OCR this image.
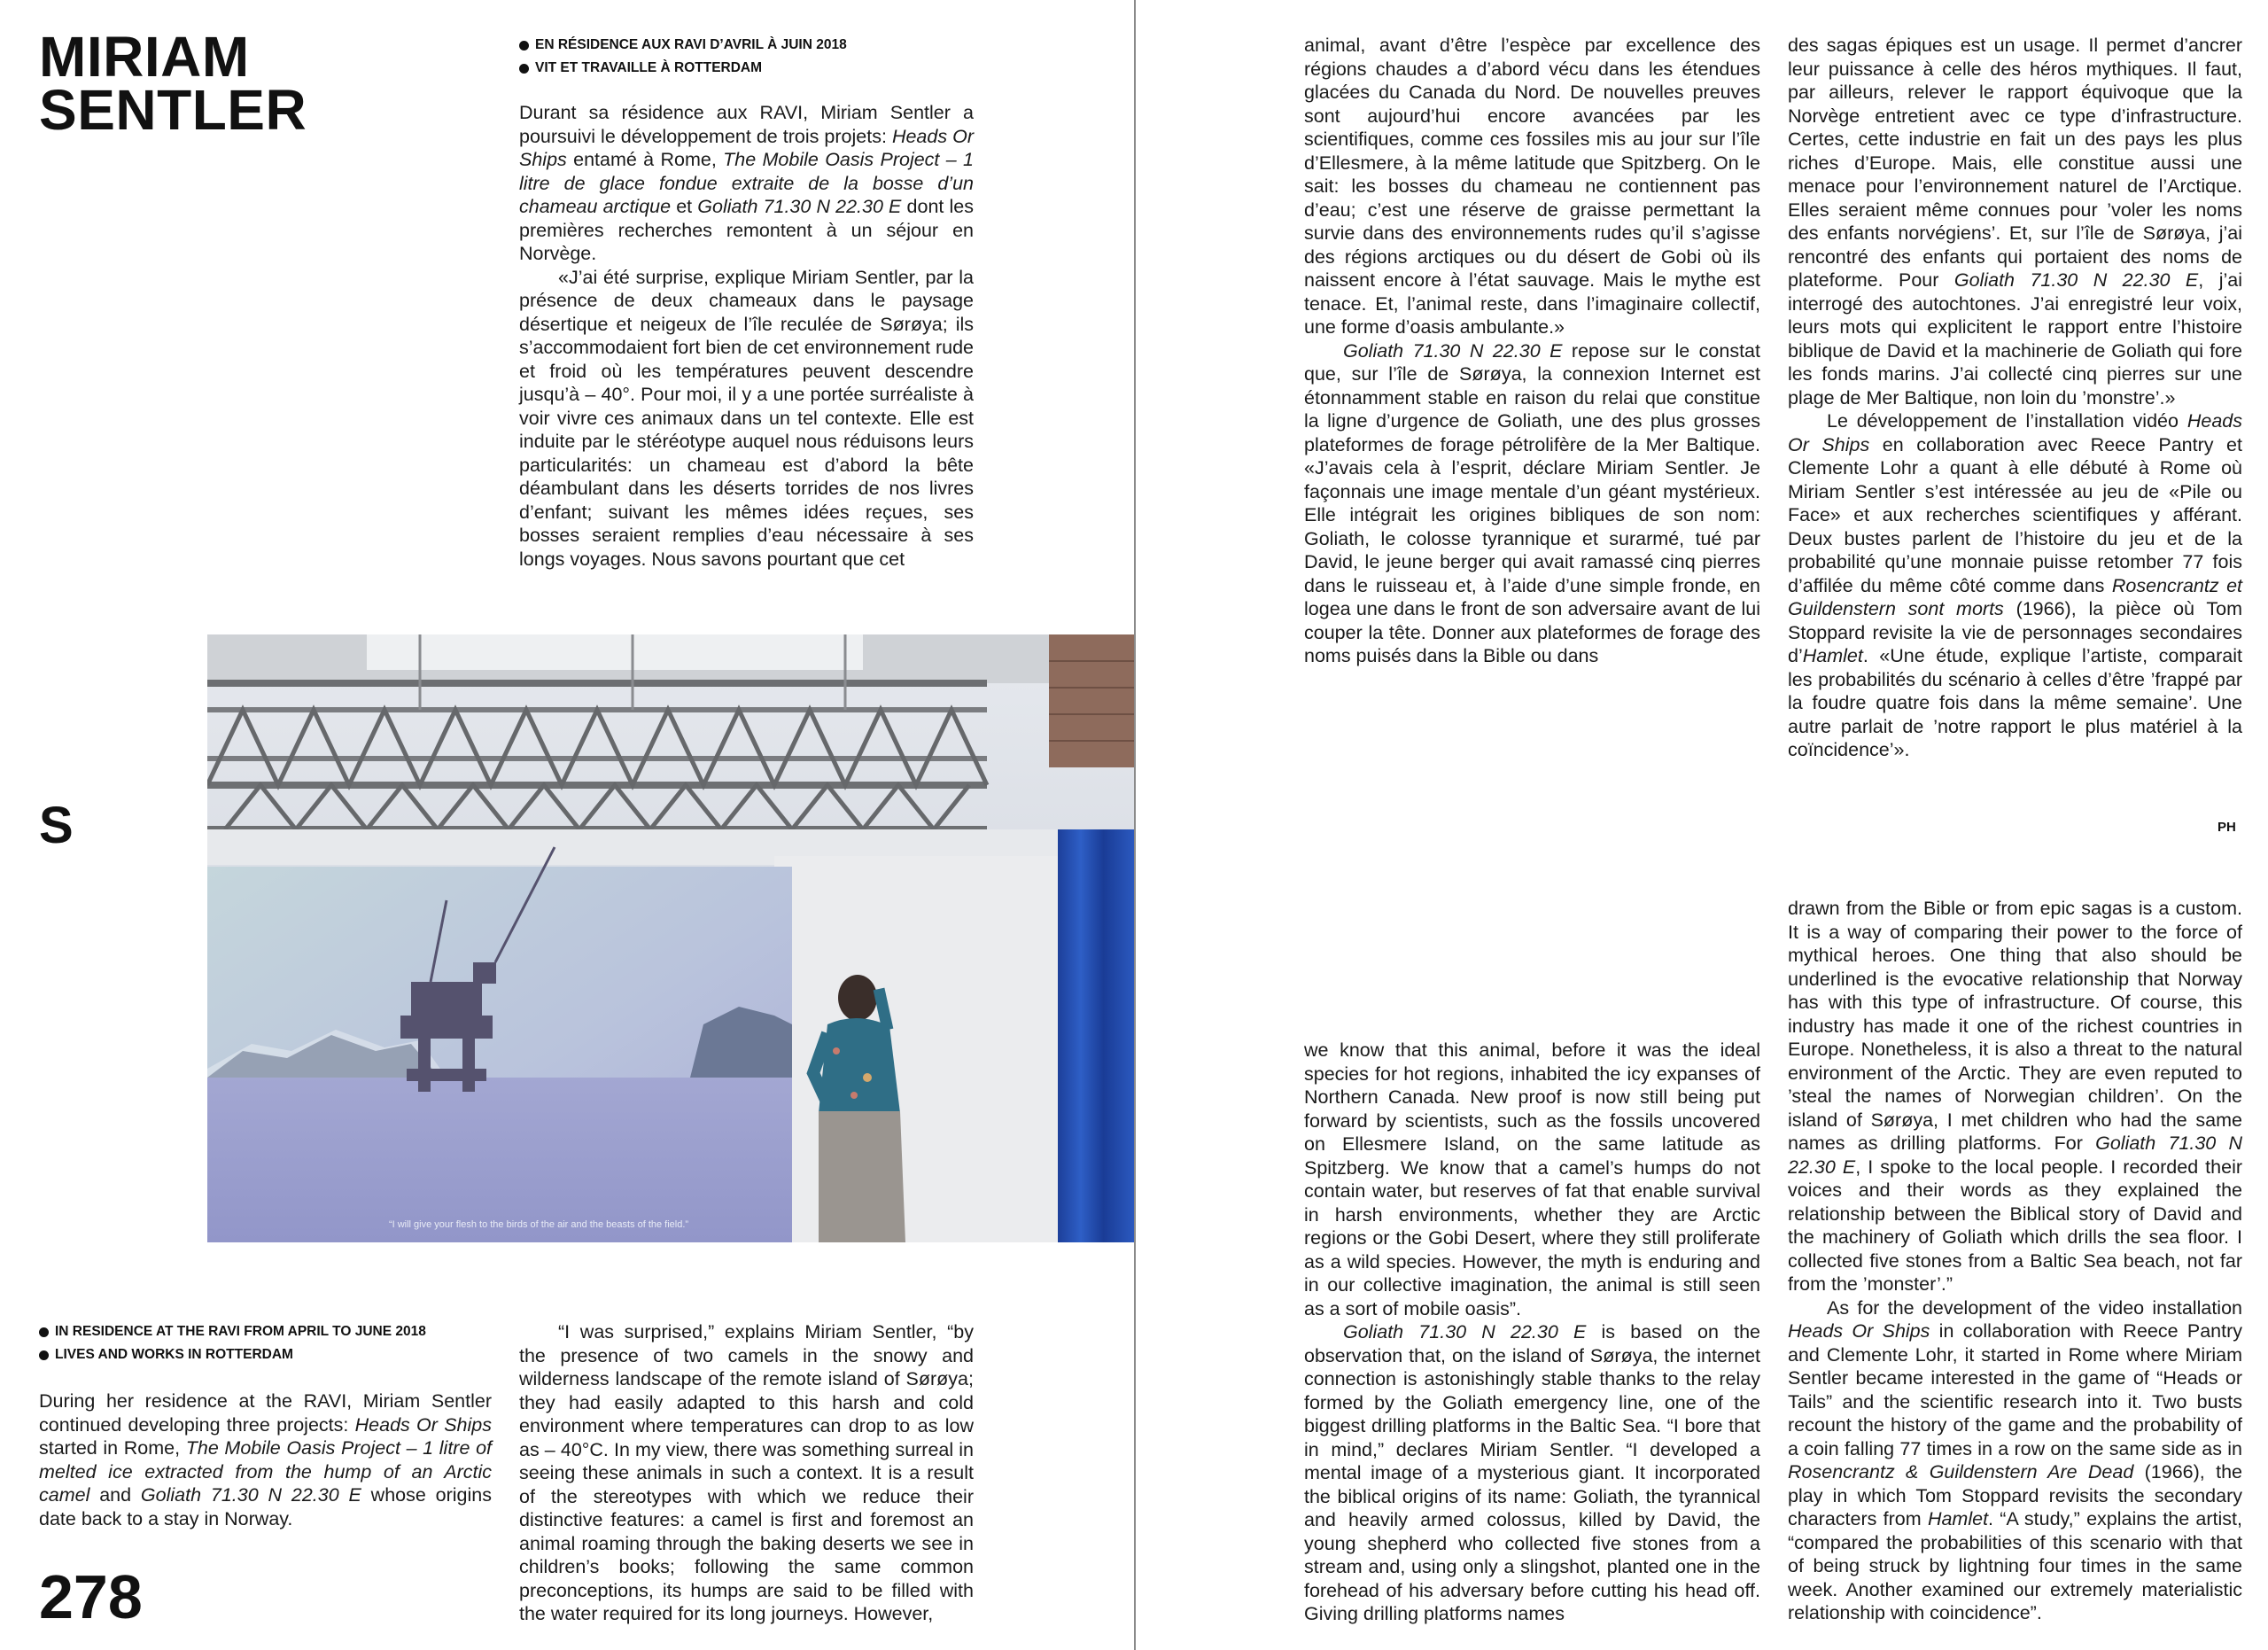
MIRIAM
SENTLER
EN RÉSIDENCE AUX RAVI D’AVRIL À JUIN 2018
VIT ET TRAVAILLE À ROTTERDAM

Durant sa résidence aux RAVI, Miriam Sentler a poursuivi le développement de trois projets: Heads Or Ships entamé à Rome, The Mobile Oasis Project – 1 litre de glace fondue extraite de la bosse d’un chameau arctique et Goliath 71.30 N 22.30 E dont les premières recherches remontent à un séjour en Norvège.

«J’ai été surprise, explique Miriam Sentler, par la présence de deux chameaux dans le paysage désertique et neigeux de l’île reculée de Sørøya; ils s’accommodaient fort bien de cet environnement rude et froid où les températures peuvent descendre jusqu’à – 40°. Pour moi, il y a une portée surréaliste à voir vivre ces animaux dans un tel contexte. Elle est induite par le stéréotype auquel nous réduisons leurs particularités: un chameau est d’abord la bête déambulant dans les déserts torrides de nos livres d’enfant; suivant les mêmes idées reçues, ses bosses seraient remplies d’eau nécessaire à ses longs voyages. Nous savons pourtant que cet

animal, avant d’être l’espèce par excellence des régions chaudes a d’abord vécu dans les étendues glacées du Canada du Nord. De nouvelles preuves sont aujourd’hui encore avancées par les scientifiques, comme ces fossiles mis au jour sur l’île d’Ellesmere, à la même latitude que Spitzberg. On le sait: les bosses du chameau ne contiennent pas d’eau; c’est une réserve de graisse permettant la survie dans des environnements rudes qu’il s’agisse des régions arctiques ou du désert de Gobi où ils naissent encore à l’état sauvage. Mais le mythe est tenace. Et, l’animal reste, dans l’imaginaire collectif, une forme d’oasis ambulante.»

Goliath 71.30 N 22.30 E repose sur le constat que, sur l’île de Sørøya, la connexion Internet est étonnamment stable en raison du relai que constitue la ligne d’urgence de Goliath, une des plus grosses plateformes de forage pétrolifère de la Mer Baltique. «J’avais cela à l’esprit, déclare Miriam Sentler. Je façonnais une image mentale d’un géant mystérieux. Elle intégrait les origines bibliques de son nom: Goliath, le colosse tyrannique et surarmé, tué par David, le jeune berger qui avait ramassé cinq pierres dans le ruisseau et, à l’aide d’une simple fronde, en logea une dans le front de son adversaire avant de lui couper la tête. Donner aux plateformes de forage des noms puisés dans la Bible ou dans

des sagas épiques est un usage. Il permet d’ancrer leur puissance à celle des héros mythiques. Il faut, par ailleurs, relever le rapport équivoque que la Norvège entretient avec ce type d’infrastructure. Certes, cette industrie en fait un des pays les plus riches d’Europe. Mais, elle constitue aussi une menace pour l’environnement naturel de l’Arctique. Elles seraient même connues pour ’voler les noms des enfants norvégiens’. Et, sur l’île de Sørøya, j’ai rencontré des enfants qui portaient des noms de plateforme. Pour Goliath 71.30 N 22.30 E, j’ai interrogé des autochtones. J’ai enregistré leur voix, leurs mots qui explicitent le rapport entre l’histoire biblique de David et la machinerie de Goliath qui fore les fonds marins. J’ai collecté cinq pierres sur une plage de Mer Baltique, non loin du ’monstre’.»

Le développement de l’installation vidéo Heads Or Ships en collaboration avec Reece Pantry et Clemente Lohr a quant à elle débuté à Rome où Miriam Sentler s’est intéressée au jeu de «Pile ou Face» et aux recherches scientifiques y afférant. Deux bustes parlent de l’histoire du jeu et de la probabilité qu’une monnaie puisse retomber 77 fois d’affilée du même côté comme dans Rosencrantz et Guildenstern sont morts (1966), la pièce où Tom Stoppard revisite la vie de personnages secondaires d’Hamlet. «Une étude, explique l’artiste, comparait les probabilités du scénario à celles d’être ’frappé par la foudre quatre fois dans la même semaine’. Une autre parlait de ’notre rapport le plus matériel à la coïncidence’».

PH

S

“I will give your flesh to the birds of the air and the beasts of the field.”
IN RESIDENCE AT THE RAVI FROM APRIL TO JUNE 2018
LIVES AND WORKS IN ROTTERDAM

During her residence at the RAVI, Miriam Sentler continued developing three projects: Heads Or Ships started in Rome, The Mobile Oasis Project – 1 litre of melted ice extracted from the hump of an Arctic camel and Goliath 71.30 N 22.30 E whose origins date back to a stay in Norway.

278

“I was surprised,” explains Miriam Sentler, “by the presence of two camels in the snowy and wilderness landscape of the remote island of Sørøya; they had easily adapted to this harsh and cold environment where temperatures can drop to as low as – 40°C. In my view, there was something surreal in seeing these animals in such a context. It is a result of the stereotypes with which we reduce their distinctive features: a camel is first and foremost an animal roaming through the baking deserts we see in children’s books; following the same common preconceptions, its humps are said to be filled with the water required for its long journeys. However,

we know that this animal, before it was the ideal species for hot regions, inhabited the icy expanses of Northern Canada. New proof is now still being put forward by scientists, such as the fossils uncovered on Ellesmere Island, on the same latitude as Spitzberg. We know that a camel’s humps do not contain water, but reserves of fat that enable survival in harsh environments, whether they are Arctic regions or the Gobi Desert, where they still proliferate as a wild species. However, the myth is enduring and in our collective imagination, the animal is still seen as a sort of mobile oasis”.

Goliath 71.30 N 22.30 E is based on the observation that, on the island of Sørøya, the internet connection is astonishingly stable thanks to the relay formed by the Goliath emergency line, one of the biggest drilling platforms in the Baltic Sea. “I bore that in mind,” declares Miriam Sentler. “I developed a mental image of a mysterious giant. It incorporated the biblical origins of its name: Goliath, the tyrannical and heavily armed colossus, killed by David, the young shepherd who collected five stones from a stream and, using only a slingshot, planted one in the forehead of his adversary before cutting his head off. Giving drilling platforms names

drawn from the Bible or from epic sagas is a custom. It is a way of comparing their power to the force of mythical heroes. One thing that also should be underlined is the evocative relationship that Norway has with this type of infrastructure. Of course, this industry has made it one of the richest countries in Europe. Nonetheless, it is also a threat to the natural environment of the Arctic. They are even reputed to ’steal the names of Norwegian children’. On the island of Sørøya, I met children who had the same names as drilling platforms. For Goliath 71.30 N 22.30 E, I spoke to the local people. I recorded their voices and their words as they explained the relationship between the Biblical story of David and the machinery of Goliath which drills the sea floor. I collected five stones from a Baltic Sea beach, not far from the ’monster’.”

As for the development of the video installation Heads Or Ships in collaboration with Reece Pantry and Clemente Lohr, it started in Rome where Miriam Sentler became interested in the game of “Heads or Tails” and the scientific research into it. Two busts recount the history of the game and the probability of a coin falling 77 times in a row on the same side as in Rosencrantz & Guildenstern Are Dead (1966), the play in which Tom Stoppard revisits the secondary characters from Hamlet. “A study,” explains the artist, “compared the probabilities of this scenario with that of being struck by lightning four times in the same week. Another examined our extremely materialistic relationship with coincidence”.
